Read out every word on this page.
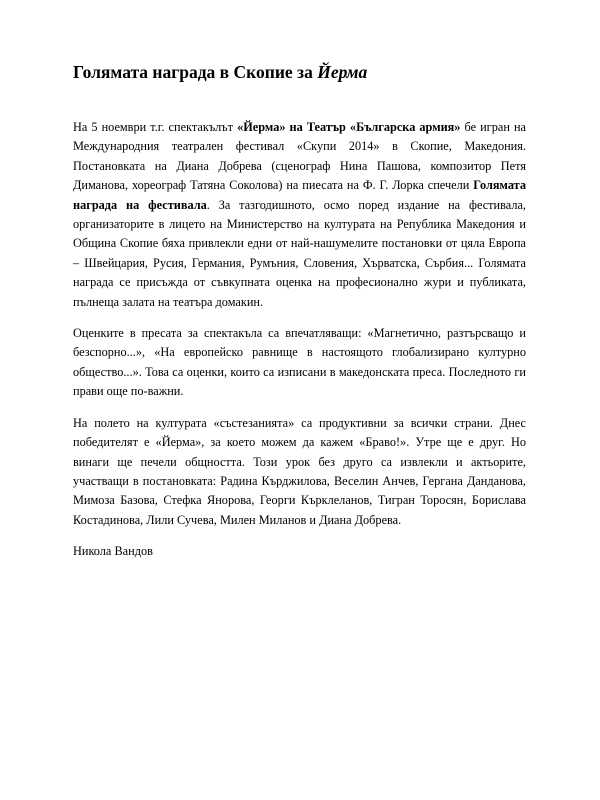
Голямата награда в Скопие за Йерма

На 5 ноември т.г. спектакълът «Йерма» на Театър «Българска армия» бе игран на Международния театрален фестивал «Скупи 2014» в Скопие, Македония. Постановката на Диана Добрева (сценограф Нина Пашова, композитор Петя Диманова, хореограф Татяна Соколова) на пиесата на Ф. Г. Лорка спечели Голямата награда на фестивала. За тазгодишното, осмо поред издание на фестивала, организаторите в лицето на Министерство на културата на Република Македония и Община Скопие бяха привлекли едни от най-нашумелите постановки от цяла Европа – Швейцария, Русия, Германия, Румъния, Словения, Хърватска, Сърбия... Голямата награда се присъжда от съвкупната оценка на професионално жури и публиката, пълнеща залата на театъра домакин.

Оценките в пресата за спектакъла са впечатляващи: «Магнетично, разтърсващо и безспорно...», «На европейско равнище в настоящото глобализирано културно общество...». Това са оценки, които са изписани в македонската преса. Последното ги прави още по-важни.

На полето на културата «състезанията» са продуктивни за всички страни. Днес победителят е «Йерма», за което можем да кажем «Браво!». Утре ще е друг. Но винаги ще печели общността. Този урок без друго са извлекли и актьорите, участващи в постановката: Радина Кърджилова, Веселин Анчев, Гергана Данданова, Мимоза Базова, Стефка Янорова, Георги Кърклеланов, Тигран Торосян, Борислава Костадинова, Лили Сучева, Милен Миланов и Диана Добрева.

Никола Вандов
